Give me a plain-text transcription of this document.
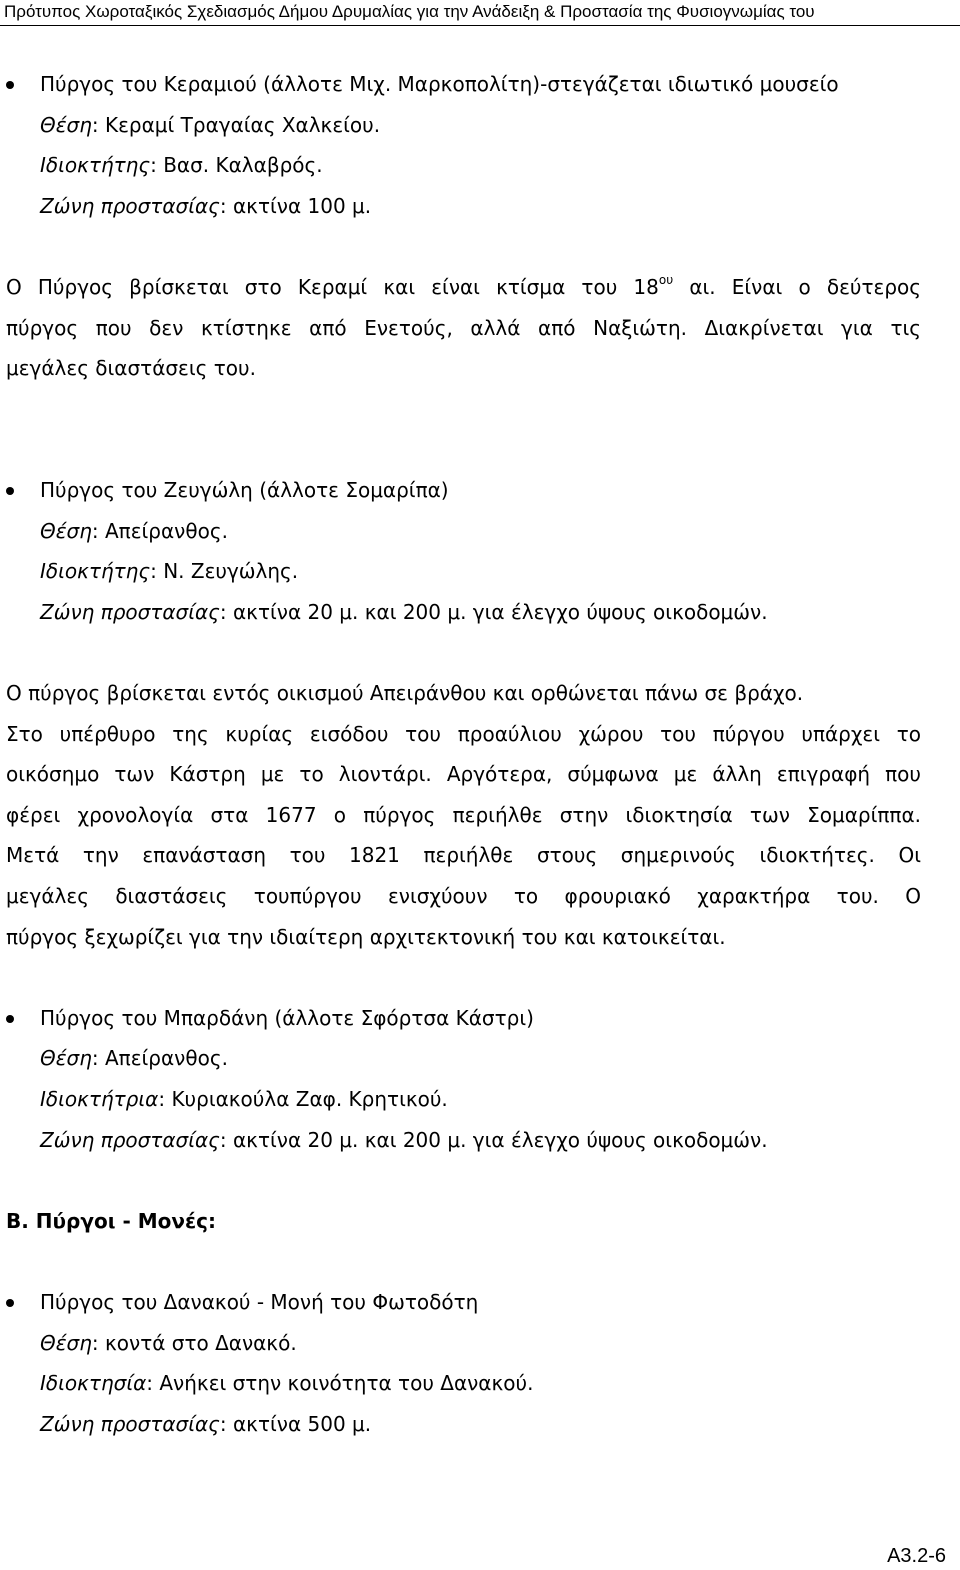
Πρότυπος Χωροταξικός Σχεδιασμός Δήμου Δρυμαλίας για την Ανάδειξη & Προστασία της Φυσιογνωμίας του
Πύργος του Κεραμιού (άλλοτε Μιχ. Μαρκοπολίτη)-στεγάζεται ιδιωτικό μουσείο
Θέση: Κεραμί Τραγαίας Χαλκείου.
Ιδιοκτήτης: Βασ. Καλαβρός.
Ζώνη προστασίας: ακτίνα 100 μ.
Ο Πύργος βρίσκεται στο Κεραμί και είναι κτίσμα του $18^{o\upsilon}$ αι. Είναι ο δεύτερος
πύργος που δεν κτίστηκε από Ενετούς, αλλά από Ναξιώτη. Διακρίνεται για τις
μεγάλες διαστάσεις του.
Πύργος του Ζευγώλη (άλλοτε Σομαρίπα)
Θέση: Απείρανθος.
Ιδιοκτήτης: Ν. Ζευγώλης.
Ζώνη προστασίας: ακτίνα 20 μ. και 200 μ. για έλεγχο ύψους οικοδομών.
Ο πύργος βρίσκεται εντός οικισμού Απειράνθου και ορθώνεται πάνω σε βράχο.
Στο υπέρθυρο της κυρίας εισόδου του προαύλιου χώρου του πύργου υπάρχει το
οικόσημο των Κάστρη με το λιοντάρι. Αργότερα, σύμφωνα με άλλη επιγραφή που
φέρει χρονολογία στα 1677 ο πύργος περιήλθε στην ιδιοκτησία των Σομαρίππα.
Μετά την επανάσταση του 1821 περιήλθε στους σημερινούς ιδιοκτήτες. Οι
μεγάλες διαστάσεις τουπύργου ενισχύουν το φρουριακό χαρακτήρα του. Ο
πύργος ξεχωρίζει για την ιδιαίτερη αρχιτεκτονική του και κατοικείται.
Πύργος του Μπαρδάνη (άλλοτε Σφόρτσα Κάστρι)
Θέση: Απείρανθος.
Ιδιοκτήτρια: Κυριακούλα Ζαφ. Κρητικού.
Ζώνη προστασίας: ακτίνα 20 μ. και 200 μ. για έλεγχο ύψους οικοδομών.
Β. Πύργοι - Μονές:
Πύργος του Δανακού - Μονή του Φωτοδότη
Θέση: κοντά στο Δανακό.
Ιδιοκτησία: Ανήκει στην κοινότητα του Δανακού.
Ζώνη προστασίας: ακτίνα 500 μ.
Α3.2-6
